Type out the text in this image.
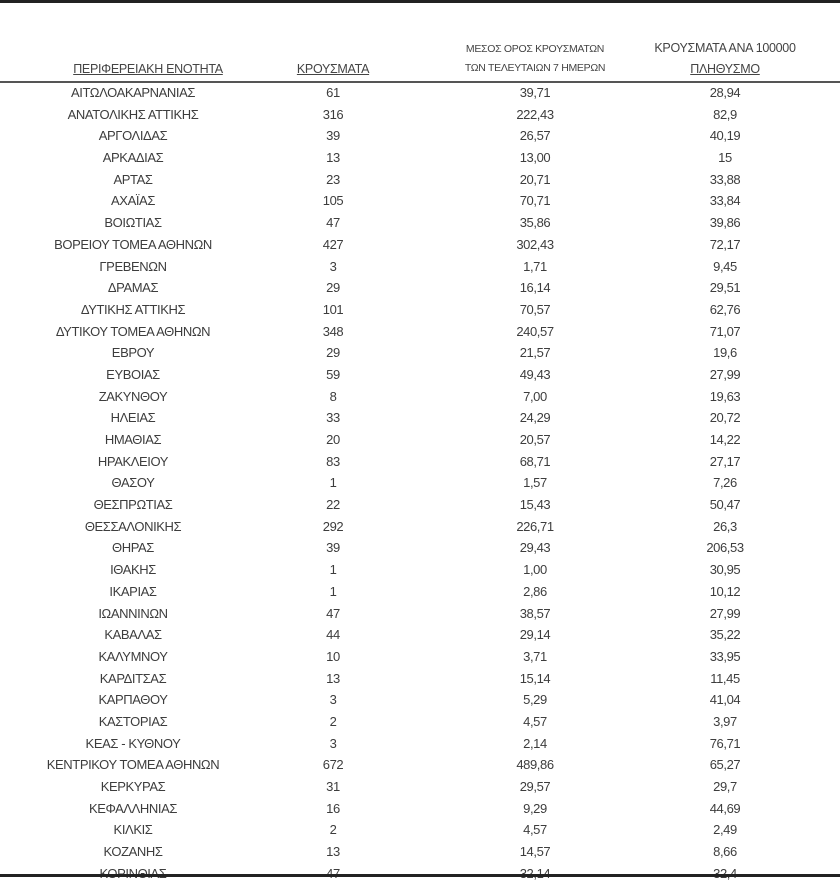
ΠΕΡΙΦΕΡΕΙΑΚΗ ΕΝΟΤΗΤΑ	ΚΡΟΥΣΜΑΤΑ
ΜΕΣΟΣ ΟΡΟΣ ΚΡΟΥΣΜΑΤΩΝ
ΤΩΝ ΤΕΛΕΥΤΑΙΩΝ 7 ΗΜΕΡΩΝ
ΚΡΟΥΣΜΑΤΑ ΑΝΑ 100000
ΠΛΗΘΥΣΜΟ
ΑΙΤΩΛΟΑΚΑΡΝΑΝΙΑΣ	61	39,71	28,94
ΑΝΑΤΟΛΙΚΗΣ ΑΤΤΙΚΗΣ	316	222,43	82,9
ΑΡΓΟΛΙΔΑΣ	39	26,57	40,19
ΑΡΚΑΔΙΑΣ	13	13,00	15
ΑΡΤΑΣ	23	20,71	33,88
ΑΧΑΪΑΣ	105	70,71	33,84
ΒΟΙΩΤΙΑΣ	47	35,86	39,86
ΒΟΡΕΙΟΥ ΤΟΜΕΑ ΑΘΗΝΩΝ	427	302,43	72,17
ΓΡΕΒΕΝΩΝ	3	1,71	9,45
ΔΡΑΜΑΣ	29	16,14	29,51
ΔΥΤΙΚΗΣ ΑΤΤΙΚΗΣ	101	70,57	62,76
ΔΥΤΙΚΟΥ ΤΟΜΕΑ ΑΘΗΝΩΝ	348	240,57	71,07
ΕΒΡΟΥ	29	21,57	19,6
ΕΥΒΟΙΑΣ	59	49,43	27,99
ΖΑΚΥΝΘΟΥ	8	7,00	19,63
ΗΛΕΙΑΣ	33	24,29	20,72
ΗΜΑΘΙΑΣ	20	20,57	14,22
ΗΡΑΚΛΕΙΟΥ	83	68,71	27,17
ΘΑΣΟΥ	1	1,57	7,26
ΘΕΣΠΡΩΤΙΑΣ	22	15,43	50,47
ΘΕΣΣΑΛΟΝΙΚΗΣ	292	226,71	26,3
ΘΗΡΑΣ	39	29,43	206,53
ΙΘΑΚΗΣ	1	1,00	30,95
ΙΚΑΡΙΑΣ	1	2,86	10,12
ΙΩΑΝΝΙΝΩΝ	47	38,57	27,99
ΚΑΒΑΛΑΣ	44	29,14	35,22
ΚΑΛΥΜΝΟΥ	10	3,71	33,95
ΚΑΡΔΙΤΣΑΣ	13	15,14	11,45
ΚΑΡΠΑΘΟΥ	3	5,29	41,04
ΚΑΣΤΟΡΙΑΣ	2	4,57	3,97
ΚΕΑΣ - ΚΥΘΝΟΥ	3	2,14	76,71
ΚΕΝΤΡΙΚΟΥ ΤΟΜΕΑ ΑΘΗΝΩΝ	672	489,86	65,27
ΚΕΡΚΥΡΑΣ	31	29,57	29,7
ΚΕΦΑΛΛΗΝΙΑΣ	16	9,29	44,69
ΚΙΛΚΙΣ	2	4,57	2,49
ΚΟΖΑΝΗΣ	13	14,57	8,66
